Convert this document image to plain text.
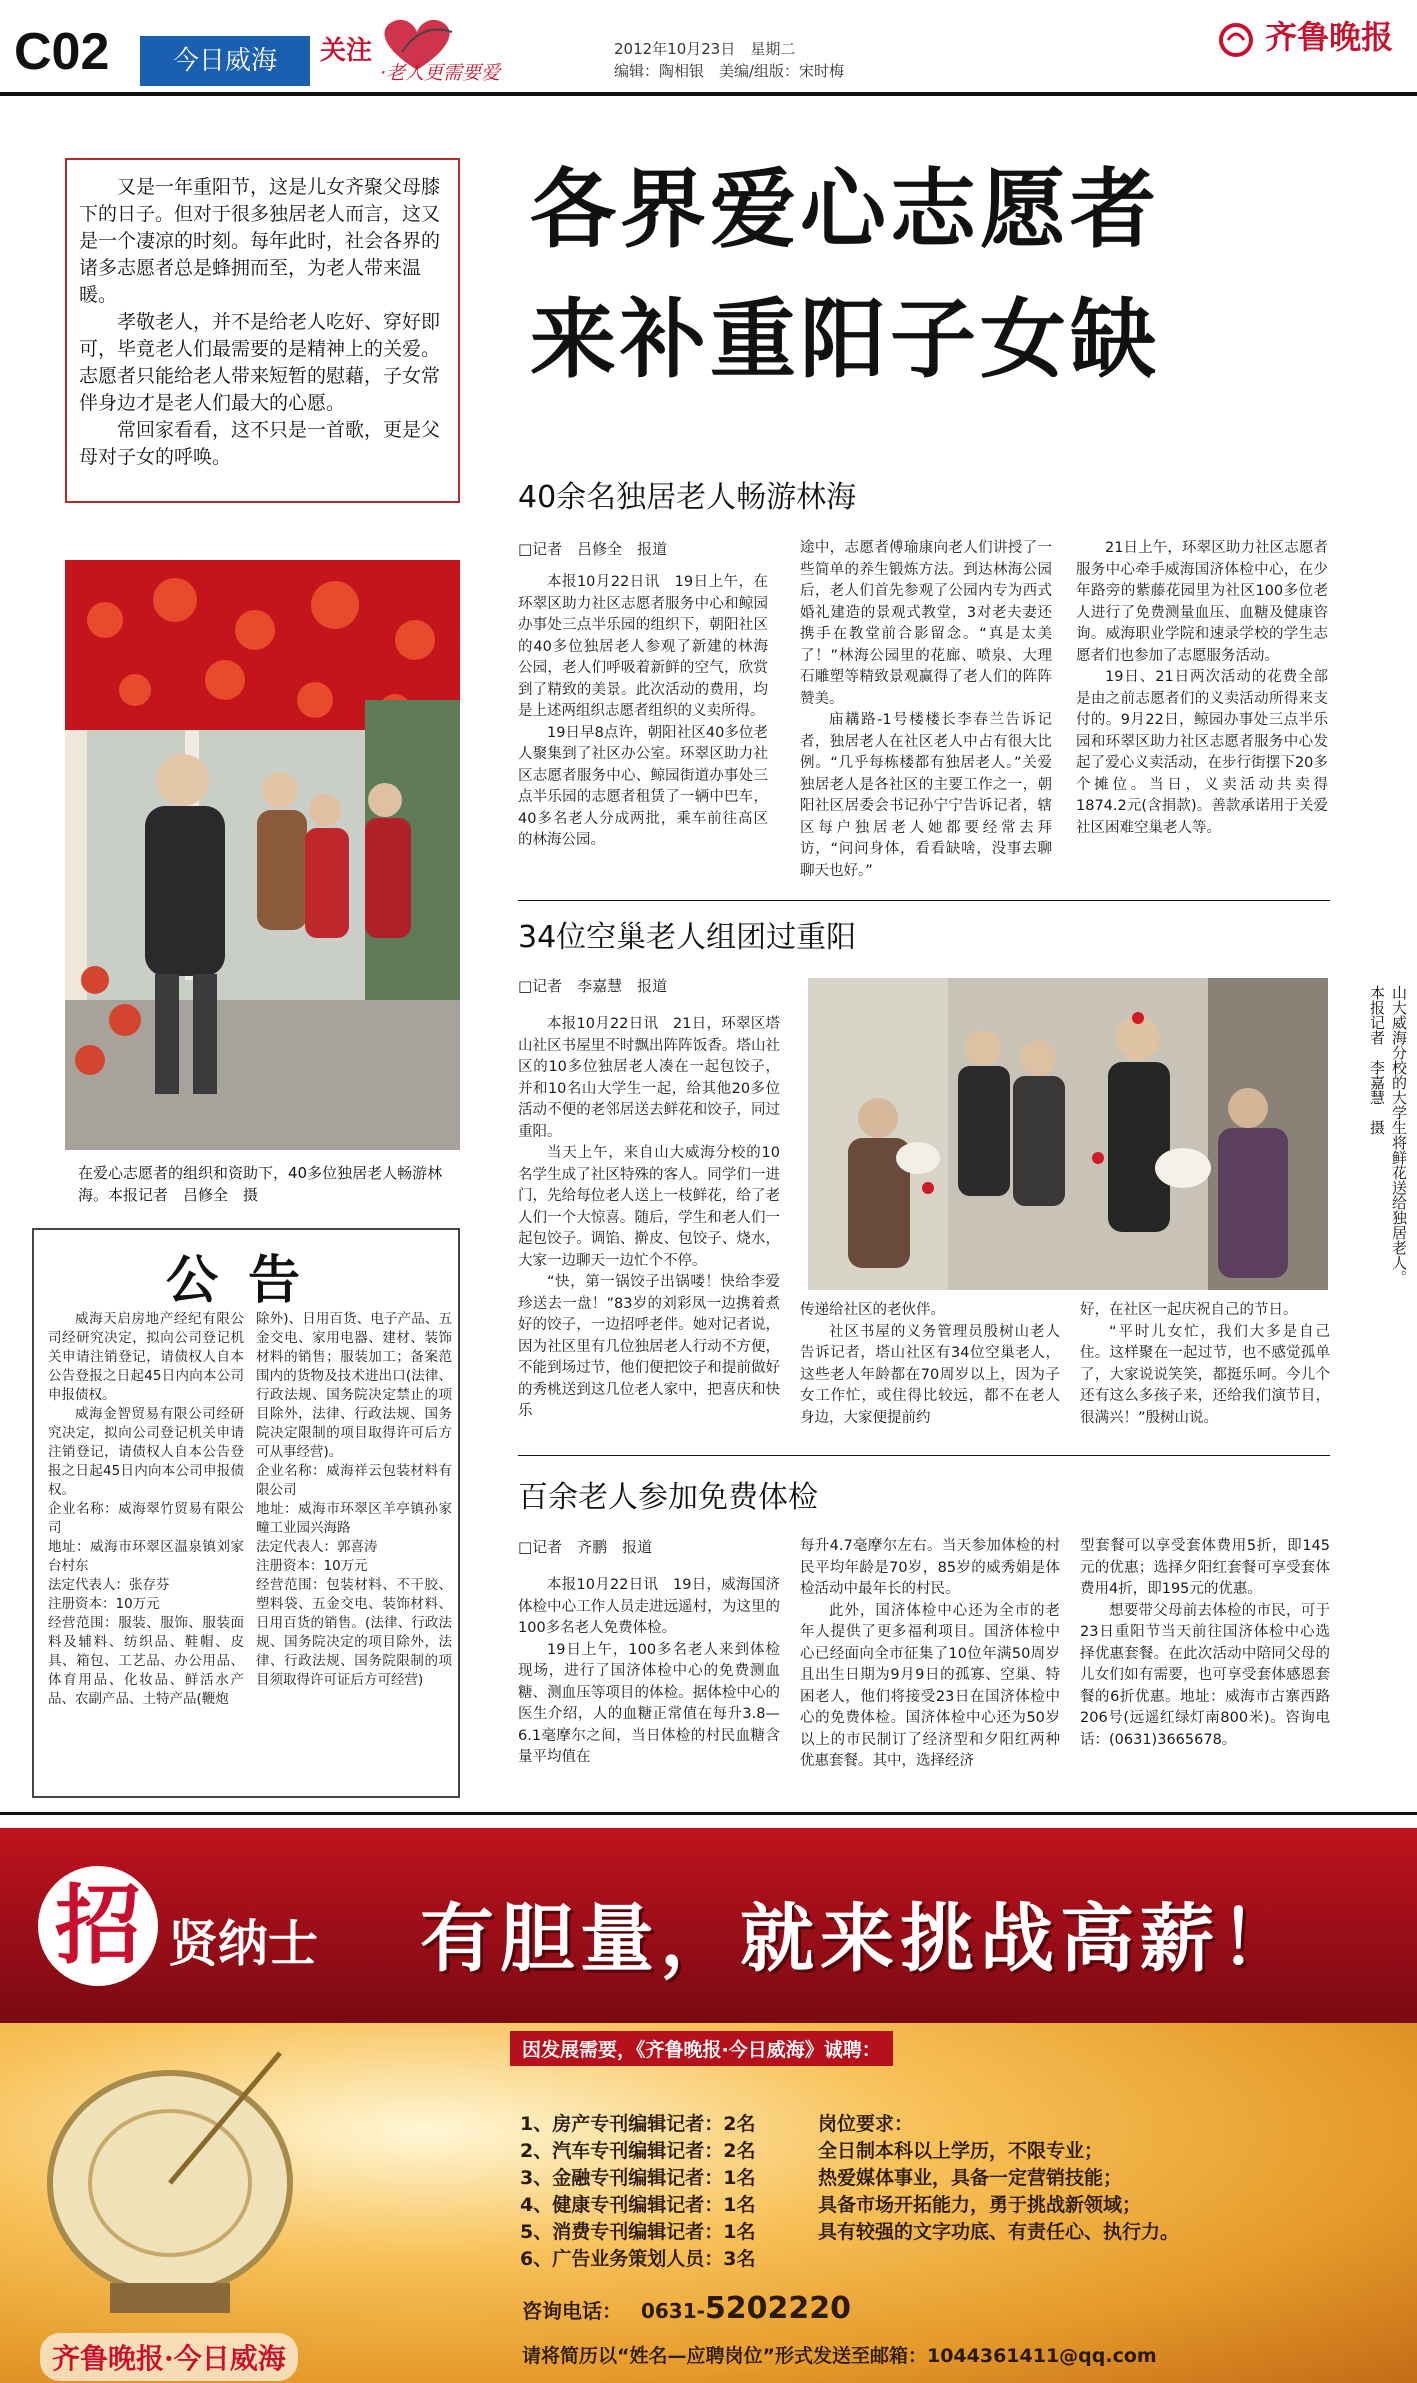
C02	今日威海	关注
·老人更需要爱
2012年10月23日　星期二
编辑：陶相银　美编/组版：宋时梅
齐鲁晚报

又是一年重阳节，这是儿女齐聚父母膝下的日子。但对于很多独居老人而言，这又是一个凄凉的时刻。每年此时，社会各界的诸多志愿者总是蜂拥而至，为老人带来温暖。

孝敬老人，并不是给老人吃好、穿好即可，毕竟老人们最需要的是精神上的关爱。志愿者只能给老人带来短暂的慰藉，子女常伴身边才是老人们最大的心愿。

常回家看看，这不只是一首歌，更是父母对子女的呼唤。

各界爱心志愿者
来补重阳子女缺
40余名独居老人畅游林海
□记者　吕修全　报道

本报10月22日讯　19日上午，在环翠区助力社区志愿者服务中心和鲸园办事处三点半乐园的组织下，朝阳社区的40多位独居老人参观了新建的林海公园，老人们呼吸着新鲜的空气，欣赏到了精致的美景。此次活动的费用，均是上述两组织志愿者组织的义卖所得。

19日早8点许，朝阳社区40多位老人聚集到了社区办公室。环翠区助力社区志愿者服务中心、鲸园街道办事处三点半乐园的志愿者租赁了一辆中巴车，40多名老人分成两批，乘车前往高区的林海公园。

途中，志愿者傅瑜康向老人们讲授了一些简单的养生锻炼方法。到达林海公园后，老人们首先参观了公园内专为西式婚礼建造的景观式教堂，3对老夫妻还携手在教堂前合影留念。“真是太美了！”林海公园里的花廊、喷泉、大理石雕塑等精致景观赢得了老人们的阵阵赞美。

庙耩路-1号楼楼长李春兰告诉记者，独居老人在社区老人中占有很大比例。“几乎每栋楼都有独居老人。”关爱独居老人是各社区的主要工作之一，朝阳社区居委会书记孙宁宁告诉记者，辖区每户独居老人她都要经常去拜访，“问问身体，看看缺啥，没事去聊聊天也好。”

21日上午，环翠区助力社区志愿者服务中心牵手威海国济体检中心，在少年路旁的紫藤花园里为社区100多位老人进行了免费测量血压、血糖及健康咨询。威海职业学院和速录学校的学生志愿者们也参加了志愿服务活动。

19日、21日两次活动的花费全部是由之前志愿者们的义卖活动所得来支付的。9月22日，鲸园办事处三点半乐园和环翠区助力社区志愿者服务中心发起了爱心义卖活动，在步行街摆下20多个摊位。当日，义卖活动共卖得1874.2元(含捐款)。善款承诺用于关爱社区困难空巢老人等。

在爱心志愿者的组织和资助下，40多位独居老人畅游林海。本报记者　吕修全　摄
公告

威海天启房地产经纪有限公司经研究决定，拟向公司登记机关申请注销登记，请债权人自本公告登报之日起45日内向本公司申报债权。

威海金智贸易有限公司经研究决定，拟向公司登记机关申请注销登记，请债权人自本公告登报之日起45日内向本公司申报债权。

企业名称：威海翠竹贸易有限公司

地址：威海市环翠区温泉镇刘家台村东

法定代表人：张存芬

注册资本：10万元

经营范围：服装、服饰、服装面料及辅料、纺织品、鞋帽、皮具、箱包、工艺品、办公用品、体育用品、化妆品、鲜活水产品、农副产品、土特产品(鞭炮

除外)、日用百货、电子产品、五金交电、家用电器、建材、装饰材料的销售；服装加工；备案范围内的货物及技术进出口(法律、行政法规、国务院决定禁止的项目除外，法律、行政法规、国务院决定限制的项目取得许可后方可从事经营)。

企业名称：威海祥云包装材料有限公司

地址：威海市环翠区羊亭镇孙家疃工业园兴海路

法定代表人：郭喜涛

注册资本：10万元

经营范围：包装材料、不干胶、塑料袋、五金交电、装饰材料、日用百货的销售。(法律、行政法规、国务院决定的项目除外，法律、行政法规、国务院限制的项目须取得许可证后方可经营)

34位空巢老人组团过重阳
□记者　李嘉慧　报道

本报10月22日讯　21日，环翠区塔山社区书屋里不时飘出阵阵饭香。塔山社区的10多位独居老人凑在一起包饺子，并和10名山大学生一起，给其他20多位活动不便的老邻居送去鲜花和饺子，同过重阳。

当天上午，来自山大威海分校的10名学生成了社区特殊的客人。同学们一进门，先给每位老人送上一枝鲜花，给了老人们一个大惊喜。随后，学生和老人们一起包饺子。调馅、擀皮、包饺子、烧水，大家一边聊天一边忙个不停。

“快，第一锅饺子出锅喽！快给李爱珍送去一盘！”83岁的刘彩凤一边携着煮好的饺子，一边招呼老伴。她对记者说，因为社区里有几位独居老人行动不方便，不能到场过节，他们便把饺子和提前做好的秀桃送到这几位老人家中，把喜庆和快乐

山大威海分校的大学生将鲜花送给独居老人。本报记者　李嘉慧　摄

传递给社区的老伙伴。

社区书屋的义务管理员殷树山老人告诉记者，塔山社区有34位空巢老人，这些老人年龄都在70周岁以上，因为子女工作忙，或住得比较远，都不在老人身边，大家便提前约

好，在社区一起庆祝自己的节日。

“平时儿女忙，我们大多是自己住。这样聚在一起过节，也不感觉孤单了，大家说说笑笑，都挺乐呵。今儿个还有这么多孩子来，还给我们演节目，很满兴！”殷树山说。

百余老人参加免费体检
□记者　齐鹏　报道

本报10月22日讯　19日，威海国济体检中心工作人员走进远遥村，为这里的100多名老人免费体检。

19日上午，100多名老人来到体检现场，进行了国济体检中心的免费测血糖、测血压等项目的体检。据体检中心的医生介绍，人的血糖正常值在每升3.8—6.1毫摩尔之间，当日体检的村民血糖含量平均值在

每升4.7毫摩尔左右。当天参加体检的村民平均年龄是70岁，85岁的威秀娟是体检活动中最年长的村民。

此外，国济体检中心还为全市的老年人提供了更多福利项目。国济体检中心已经面向全市征集了10位年满50周岁且出生日期为9月9日的孤寡、空巢、特困老人，他们将接受23日在国济体检中心的免费体检。国济体检中心还为50岁以上的市民制订了经济型和夕阳红两种优惠套餐。其中，选择经济

型套餐可以享受套体费用5折，即145元的优惠；选择夕阳红套餐可享受套体费用4折，即195元的优惠。

想要带父母前去体检的市民，可于23日重阳节当天前往国济体检中心选择优惠套餐。在此次活动中陪同父母的儿女们如有需要，也可享受套体感恩套餐的6折优惠。地址：威海市古寨西路206号(远遥红绿灯南800米)。咨询电话：(0631)3665678。

招 贤纳士 有胆量，就来挑战高薪！
因发展需要，《齐鲁晚报·今日威海》诚聘：
1、房产专刊编辑记者：2名
2、汽车专刊编辑记者：2名
3、金融专刊编辑记者：1名
4、健康专刊编辑记者：1名
5、消费专刊编辑记者：1名
6、广告业务策划人员：3名
岗位要求：
全日制本科以上学历，不限专业；
热爱媒体事业，具备一定营销技能；
具备市场开拓能力，勇于挑战新领域；
具有较强的文字功底、有责任心、执行力。
咨询电话： 0631-5202220
请将简历以“姓名—应聘岗位”形式发送至邮箱：1044361411@qq.com
齐鲁晚报·今日威海
